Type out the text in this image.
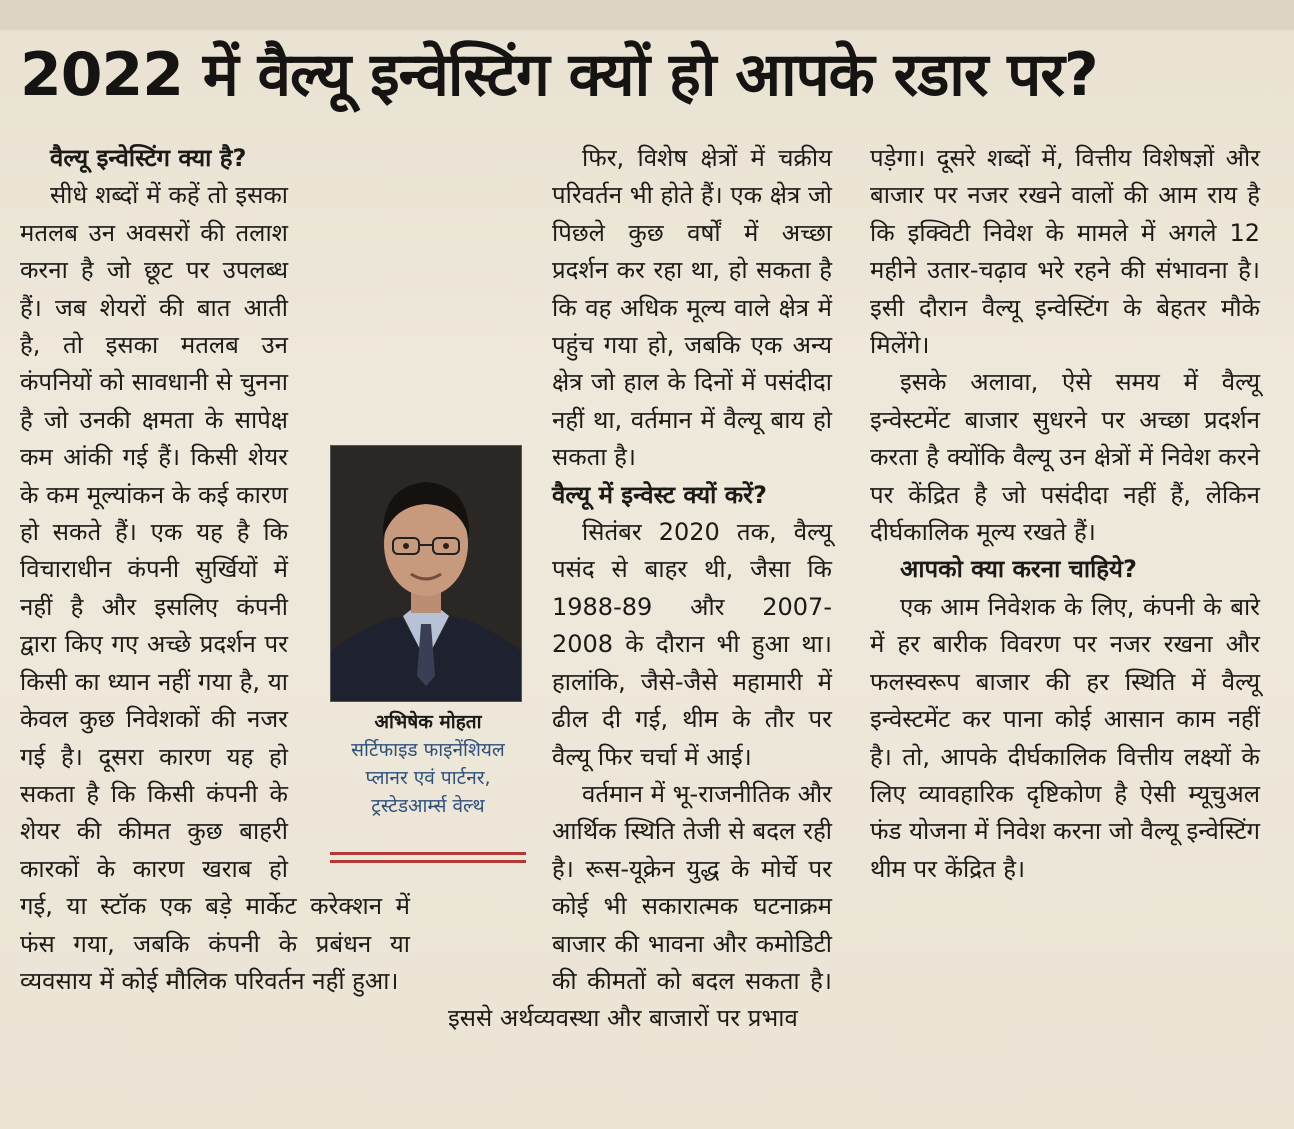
2022 में वैल्यू इन्वेस्टिंग क्यों हो आपके रडार पर?

वैल्यू इन्वेस्टिंग क्या है?

सीधे शब्दों में कहें तो इसका मतलब उन अवसरों की तलाश करना है जो छूट पर उपलब्ध हैं। जब शेयरों की बात आती है, तो इसका मतलब उन कंपनियों को सावधानी से चुनना है जो उनकी क्षमता के सापेक्ष कम आंकी गई हैं। किसी शेयर के कम मूल्यांकन के कई कारण हो सकते हैं। एक यह है कि विचाराधीन कंपनी सुर्खियों में नहीं है और इसलिए कंपनी द्वारा किए गए अच्छे प्रदर्शन पर किसी का ध्यान नहीं गया है, या केवल कुछ निवेशकों की नजर गई है। दूसरा कारण यह हो सकता है कि किसी कंपनी के शेयर की कीमत कुछ बाहरी कारकों के कारण खराब हो गई, या स्टॉक एक बड़े मार्केट करेक्शन में फंस गया, जबकि कंपनी के प्रबंधन या व्यवसाय में कोई मौलिक परिवर्तन नहीं हुआ।

फिर, विशेष क्षेत्रों में चक्रीय परिवर्तन भी होते हैं। एक क्षेत्र जो पिछले कुछ वर्षों में अच्छा प्रदर्शन कर रहा था, हो सकता है कि वह अधिक मूल्य वाले क्षेत्र में पहुंच गया हो, जबकि एक अन्य क्षेत्र जो हाल के दिनों में पसंदीदा नहीं था, वर्तमान में वैल्यू बाय हो सकता है।

वैल्यू में इन्वेस्ट क्यों करें?

सितंबर 2020 तक, वैल्यू पसंद से बाहर थी, जैसा कि 1988-89 और 2007-2008 के दौरान भी हुआ था। हालांकि, जैसे-जैसे महामारी में ढील दी गई, थीम के तौर पर वैल्यू फिर चर्चा में आई।

वर्तमान में भू-राजनीतिक और आर्थिक स्थिति तेजी से बदल रही है। रूस-यूक्रेन युद्ध के मोर्चे पर कोई भी सकारात्मक घटनाक्रम बाजार की भावना और कमोडिटी की कीमतों को बदल सकता है। इससे अर्थव्यवस्था और बाजारों पर प्रभाव

पड़ेगा। दूसरे शब्दों में, वित्तीय विशेषज्ञों और बाजार पर नजर रखने वालों की आम राय है कि इक्विटी निवेश के मामले में अगले 12 महीने उतार-चढ़ाव भरे रहने की संभावना है। इसी दौरान वैल्यू इन्वेस्टिंग के बेहतर मौके मिलेंगे।

इसके अलावा, ऐसे समय में वैल्यू इन्वेस्टमेंट बाजार सुधरने पर अच्छा प्रदर्शन करता है क्योंकि वैल्यू उन क्षेत्रों में निवेश करने पर केंद्रित है जो पसंदीदा नहीं हैं, लेकिन दीर्घकालिक मूल्य रखते हैं।

आपको क्या करना चाहिये?

एक आम निवेशक के लिए, कंपनी के बारे में हर बारीक विवरण पर नजर रखना और फलस्वरूप बाजार की हर स्थिति में वैल्यू इन्वेस्टमेंट कर पाना कोई आसान काम नहीं है। तो, आपके दीर्घकालिक वित्तीय लक्ष्यों के लिए व्यावहारिक दृष्टिकोण है ऐसी म्यूचुअल फंड योजना में निवेश करना जो वैल्यू इन्वेस्टिंग थीम पर केंद्रित है।

अभिषेक मोहता
सर्टिफाइड फाइनेंशियल
प्लानर एवं पार्टनर,
ट्रस्टेडआर्म्स वेल्थ
